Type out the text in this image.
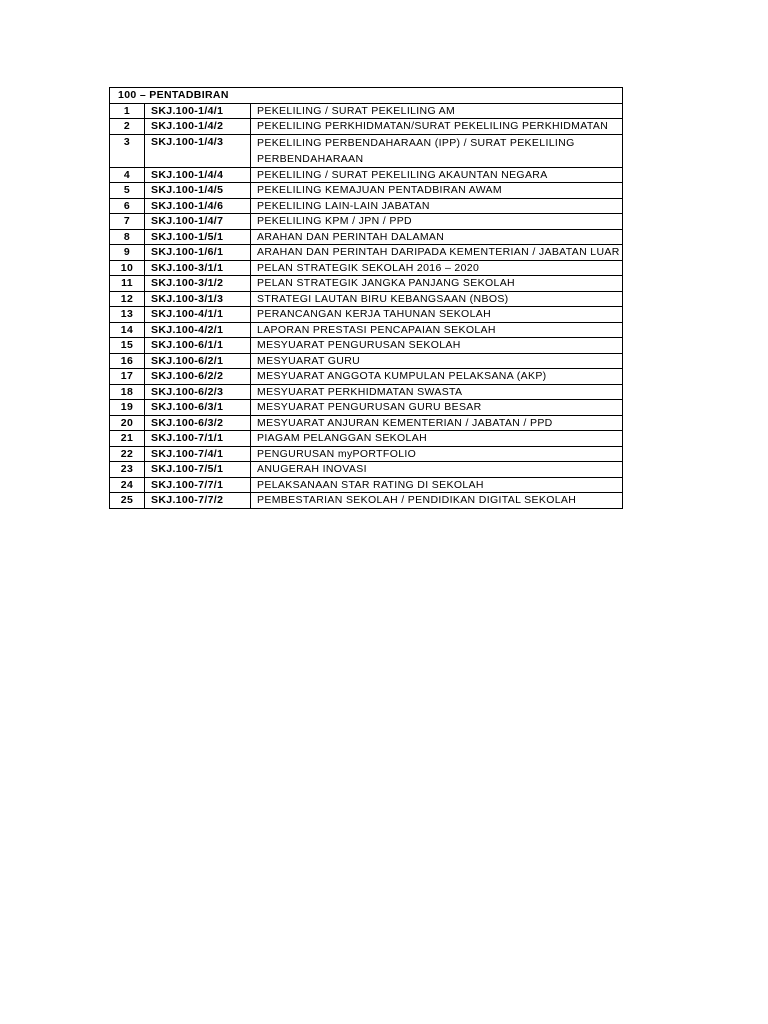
100 – PENTADBIRAN		
1	SKJ.100-1/4/1	PEKELILING / SURAT PEKELILING AM
2	SKJ.100-1/4/2	PEKELILING PERKHIDMATAN/SURAT PEKELILING PERKHIDMATAN
3	SKJ.100-1/4/3	PEKELILING PERBENDAHARAAN (IPP) / SURAT PEKELILING PERBENDAHARAAN
4	SKJ.100-1/4/4	PEKELILING / SURAT PEKELILING AKAUNTAN NEGARA
5	SKJ.100-1/4/5	PEKELILING KEMAJUAN PENTADBIRAN AWAM
6	SKJ.100-1/4/6	PEKELILING LAIN-LAIN JABATAN
7	SKJ.100-1/4/7	PEKELILING KPM / JPN / PPD
8	SKJ.100-1/5/1	ARAHAN DAN PERINTAH DALAMAN
9	SKJ.100-1/6/1	ARAHAN DAN PERINTAH DARIPADA KEMENTERIAN / JABATAN LUAR
10	SKJ.100-3/1/1	PELAN STRATEGIK SEKOLAH 2016 – 2020
11	SKJ.100-3/1/2	PELAN STRATEGIK JANGKA PANJANG SEKOLAH
12	SKJ.100-3/1/3	STRATEGI LAUTAN BIRU KEBANGSAAN (NBOS)
13	SKJ.100-4/1/1	PERANCANGAN KERJA TAHUNAN SEKOLAH
14	SKJ.100-4/2/1	LAPORAN PRESTASI PENCAPAIAN SEKOLAH
15	SKJ.100-6/1/1	MESYUARAT PENGURUSAN SEKOLAH
16	SKJ.100-6/2/1	MESYUARAT GURU
17	SKJ.100-6/2/2	MESYUARAT ANGGOTA KUMPULAN PELAKSANA (AKP)
18	SKJ.100-6/2/3	MESYUARAT PERKHIDMATAN SWASTA
19	SKJ.100-6/3/1	MESYUARAT PENGURUSAN GURU BESAR
20	SKJ.100-6/3/2	MESYUARAT ANJURAN KEMENTERIAN / JABATAN / PPD
21	SKJ.100-7/1/1	PIAGAM PELANGGAN SEKOLAH
22	SKJ.100-7/4/1	PENGURUSAN myPORTFOLIO
23	SKJ.100-7/5/1	ANUGERAH INOVASI
24	SKJ.100-7/7/1	PELAKSANAAN STAR RATING DI SEKOLAH
25	SKJ.100-7/7/2	PEMBESTARIAN SEKOLAH / PENDIDIKAN DIGITAL SEKOLAH
